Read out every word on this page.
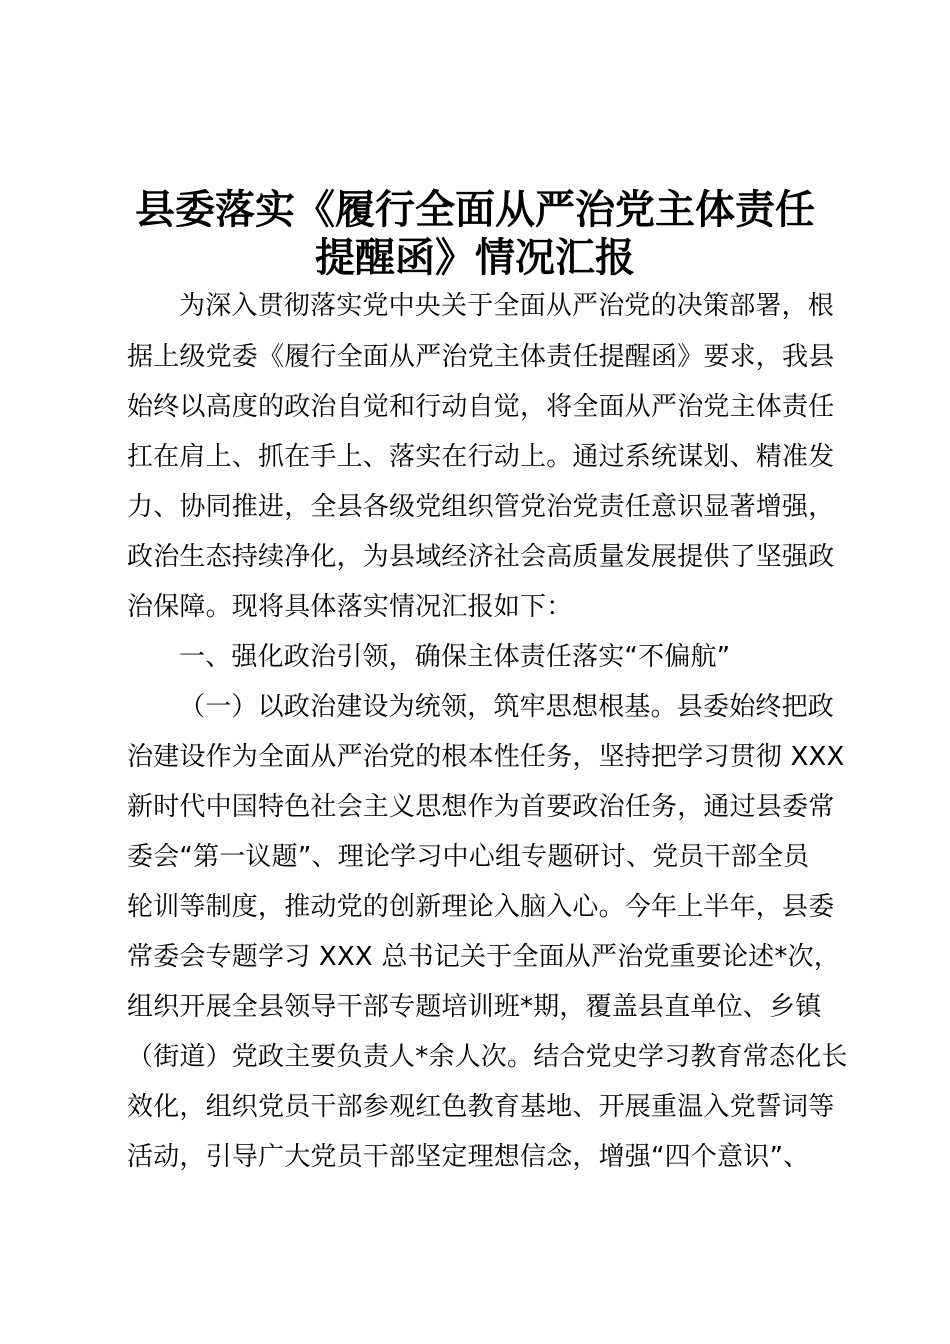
县委落实《履行全面从严治党主体责任
提醒函》情况汇报
为深入贯彻落实党中央关于全面从严治党的决策部署，根
据上级党委《履行全面从严治党主体责任提醒函》要求，我县
始终以高度的政治自觉和行动自觉，将全面从严治党主体责任
扛在肩上、抓在手上、落实在行动上。通过系统谋划、精准发
力、协同推进，全县各级党组织管党治党责任意识显著增强，
政治生态持续净化，为县域经济社会高质量发展提供了坚强政
治保障。现将具体落实情况汇报如下：
一、强化政治引领，确保主体责任落实“不偏航”
（一）以政治建设为统领，筑牢思想根基。县委始终把政
治建设作为全面从严治党的根本性任务，坚持把学习贯彻 XXX
新时代中国特色社会主义思想作为首要政治任务，通过县委常
委会“第一议题”、理论学习中心组专题研讨、党员干部全员
轮训等制度，推动党的创新理论入脑入心。今年上半年，县委
常委会专题学习 XXX 总书记关于全面从严治党重要论述*次，
组织开展全县领导干部专题培训班*期，覆盖县直单位、乡镇
（街道）党政主要负责人*余人次。结合党史学习教育常态化长
效化，组织党员干部参观红色教育基地、开展重温入党誓词等
活动，引导广大党员干部坚定理想信念，增强“四个意识”、
